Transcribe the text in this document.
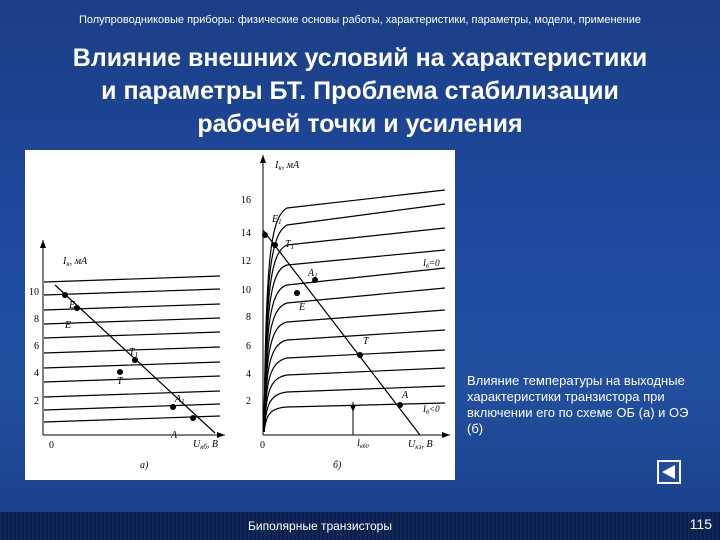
Полупроводниковые приборы: физические основы работы, характеристики, параметры, модели, применение
Влияние внешних условий на характеристики
и параметры БТ. Проблема стабилизации
рабочей точки и усиления
10
8
6
4
2
0
$I_к$, мА
$U_{кб}$, В
$E_1$
E
$T_1$
T
$A_1$
A
а)
16
14
12
10
8
6
4
2
0
$I_к$, мА
$U_{кэ}$, В
$E_1$
$T_1$
$A_1$
E
T
A
$I_б=0$
$I_б<0$
$I_{кб0}$
б)
Влияние температуры на выходные характеристики транзистора при включении его по схеме ОБ (а) и ОЭ (б)
Биполярные транзисторы	115
